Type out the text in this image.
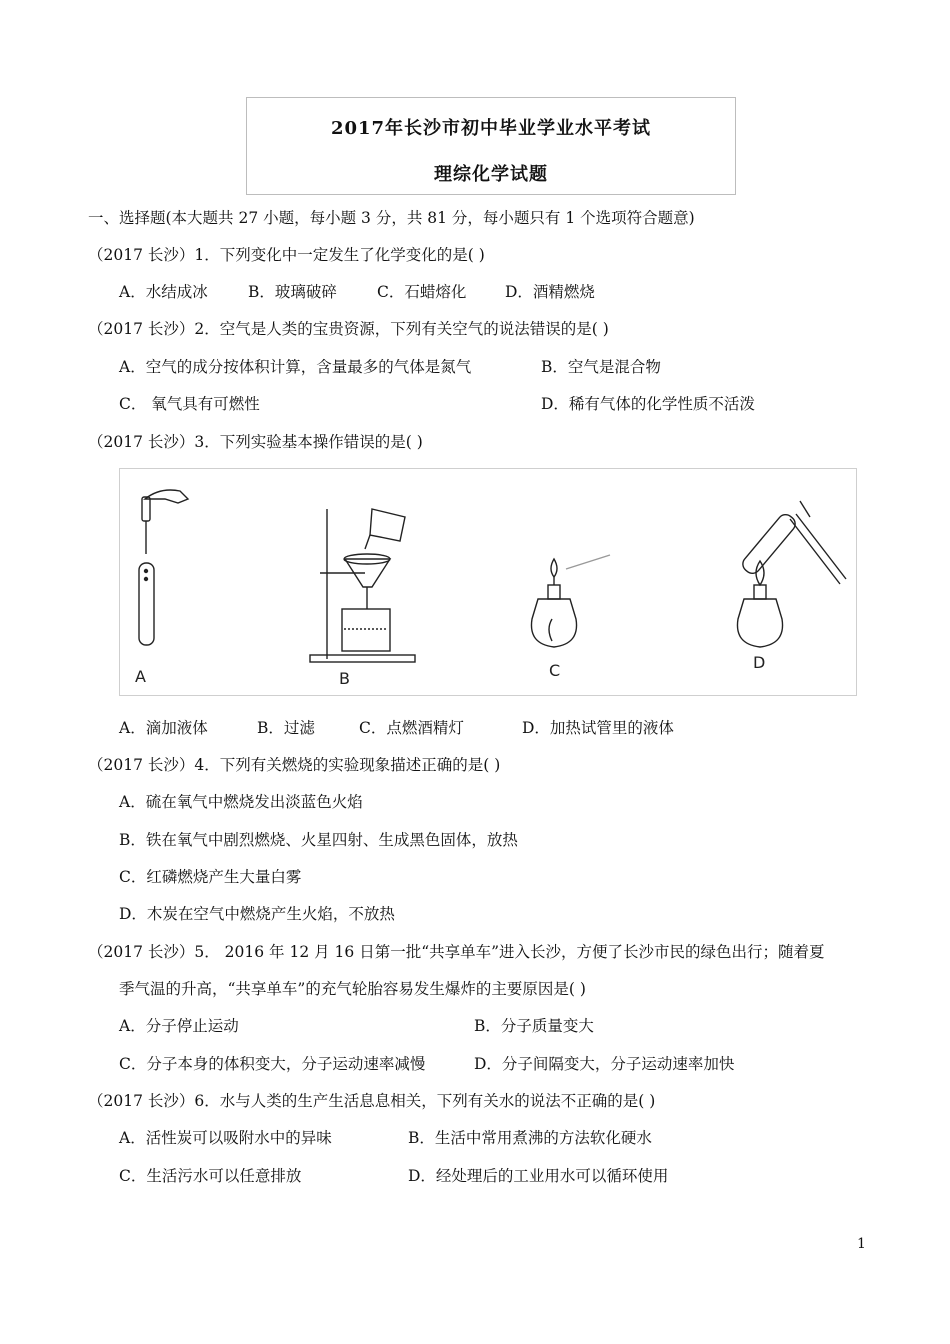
2017年长沙市初中毕业学业水平考试
理综化学试题
一、选择题(本大题共 27 小题，每小题 3 分，共 81 分，每小题只有 1 个选项符合题意)
（2017 长沙）1．下列变化中一定发生了化学变化的是( )
A．水结成冰	B．玻璃破碎	C．石蜡熔化 D．酒精燃烧
（2017 长沙）2．空气是人类的宝贵资源，下列有关空气的说法错误的是( )
A．空气的成分按体积计算，含量最多的气体是氮气	B．空气是混合物
C． 氧气具有可燃性	D．稀有气体的化学性质不活泼
（2017 长沙）3．下列实验基本操作错误的是( )
A	B	C	D
A．滴加液体	B．过滤	C．点燃酒精灯	D．加热试管里的液体
（2017 长沙）4．下列有关燃烧的实验现象描述正确的是( )
A．硫在氧气中燃烧发出淡蓝色火焰
B．铁在氧气中剧烈燃烧、火星四射、生成黑色固体，放热
C．红磷燃烧产生大量白雾
D．木炭在空气中燃烧产生火焰，不放热
（2017 长沙）5． 2016 年 12 月 16 日第一批“共享单车”进入长沙，方便了长沙市民的绿色出行；随着夏
季气温的升高，“共享单车”的充气轮胎容易发生爆炸的主要原因是( )
A．分子停止运动	B．分子质量变大
C．分子本身的体积变大，分子运动速率减慢	D．分子间隔变大，分子运动速率加快
（2017 长沙）6．水与人类的生产生活息息相关，下列有关水的说法不正确的是( )
A．活性炭可以吸附水中的异味	B．生活中常用煮沸的方法软化硬水
C．生活污水可以任意排放	D．经处理后的工业用水可以循环使用
1
